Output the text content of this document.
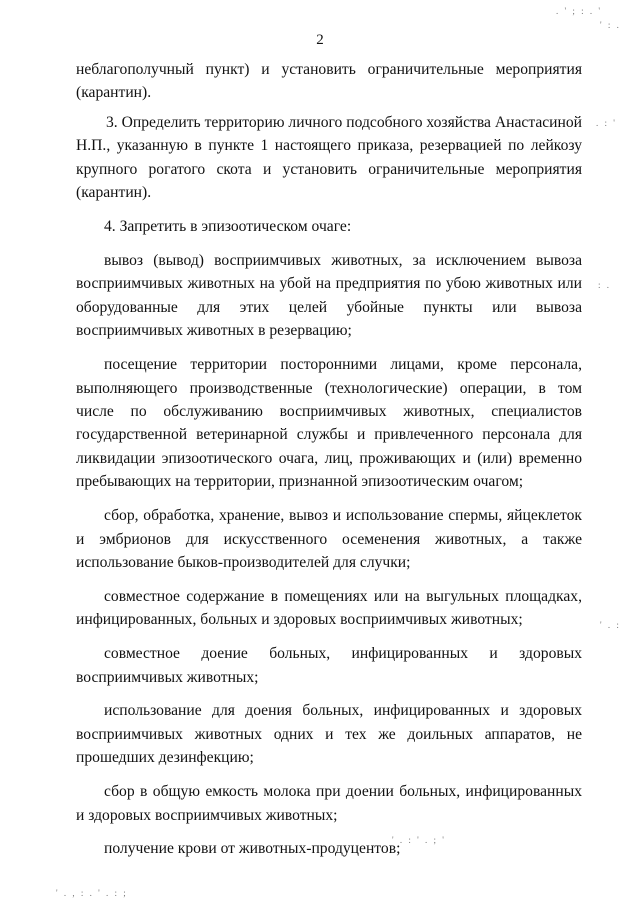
2

неблагополучный пункт) и установить ограничительные мероприятия (карантин).

3. Определить территорию личного подсобного хозяйства Анастасиной Н.П., указанную в пункте 1 настоящего приказа, резервацией по лейкозу крупного рогатого скота и установить ограничительные мероприятия (карантин).

4. Запретить в эпизоотическом очаге:

вывоз (вывод) восприимчивых животных, за исключением вывоза восприимчивых животных на убой на предприятия по убою животных или оборудованные для этих целей убойные пункты или вывоза восприимчивых животных в резервацию;

посещение территории посторонними лицами, кроме персонала, выполняющего производственные (технологические) операции, в том числе по обслуживанию восприимчивых животных, специалистов государственной ветеринарной службы и привлеченного персонала для ликвидации эпизоотического очага, лиц, проживающих и (или) временно пребывающих на территории, признанной эпизоотическим очагом;

сбор, обработка, хранение, вывоз и использование спермы, яйцеклеток и эмбрионов для искусственного осеменения животных, а также использование быков-производителей для случки;

совместное содержание в помещениях или на выгульных площадках, инфицированных, больных и здоровых восприимчивых животных;

совместное доение больных, инфицированных и здоровых восприимчивых животных;

использование для доения больных, инфицированных и здоровых восприимчивых животных одних и тех же доильных аппаратов, не прошедших дезинфекцию;

сбор в общую емкость молока при доении больных, инфицированных и здоровых восприимчивых животных;

получение крови от животных-продуцентов;

. ' ; : . '
' : .
. : '
: .
' . :
' . : ' . ; '
' . , : . ' . : ;
